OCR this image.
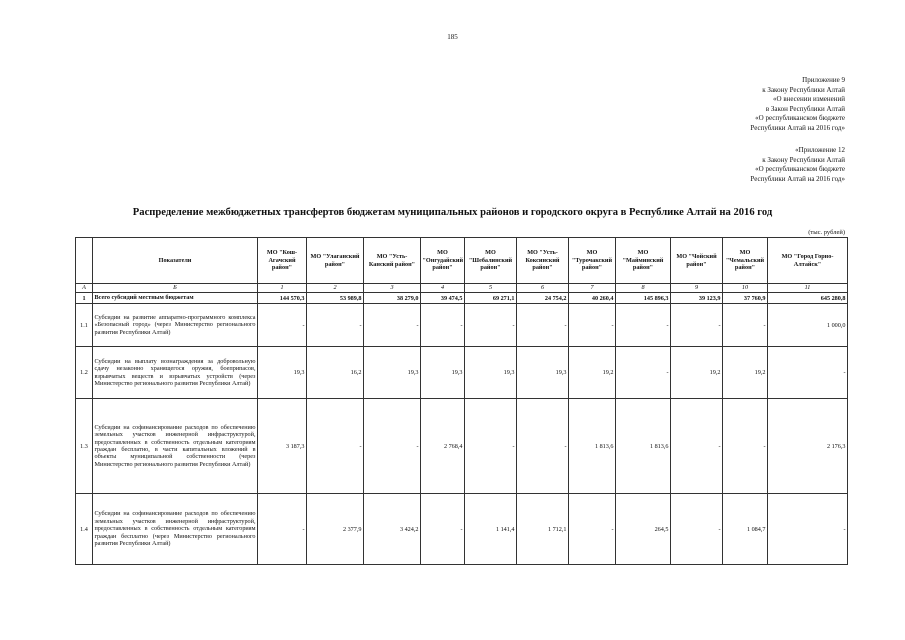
185
Приложение 9
к Закону Республики Алтай
«О внесении изменений
в Закон Республики Алтай
«О республиканском бюджете
Республики Алтай на 2016 год»
«Приложение 12
к Закону Республики Алтай
«О республиканском бюджете
Республики Алтай на 2016 год»
Распределение межбюджетных трансфертов бюджетам муниципальных районов и городского округа в Республике Алтай на 2016 год
(тыс. рублей)
	Показатели	МО "Кош-Агачский район"	МО "Улаганский район"	МО "Усть-Канский район"	МО "Онгудайский район"	МО "Шебалинский район"	МО "Усть-Коксинский район"	МО "Турочакский район"	МО "Майминский район"	МО "Чойский район"	МО "Чемальский район"	МО "Город Горно-Алтайск"
А	Б	1	2	3	4	5	6	7	8	9	10	11
1	Всего субсидий местным бюджетам	144 570,3	53 989,8	38 279,0	39 474,5	69 271,1	24 754,2	40 260,4	145 896,3	39 123,9	37 760,9	645 280,8
1.1	Субсидии на развитие аппаратно-программного комплекса «Безопасный город» (через Министерство регионального развития Республики Алтай)	-	-	-	-	-	-	-	-	-	-	1 000,0
1.2	Субсидии на выплату вознаграждения за добровольную сдачу незаконно хранящегося оружия, боеприпасов, взрывчатых веществ и взрывчатых устройств (через Министерство регионального развития Республики Алтай)	19,3	16,2	19,3	19,3	19,3	19,3	19,2	-	19,2	19,2	-
1.3	Субсидии на софинансирование расходов по обеспечению земельных участков инженерной инфраструктурой, предоставленных в собственность отдельным категориям граждан бесплатно, в части капитальных вложений в объекты муниципальной собственности (через Министерство регионального развития Республики Алтай)	3 187,3	-	-	2 768,4	-	-	1 813,6	1 813,6	-	-	2 176,3
1.4	Субсидии на софинансирование расходов по обеспечению земельных участков инженерной инфраструктурой, предоставленных в собственность отдельным категориям граждан бесплатно (через Министерство регионального развития Республики Алтай)	-	2 377,9	3 424,2	-	1 141,4	1 712,1	-	264,5	-	1 084,7	-
